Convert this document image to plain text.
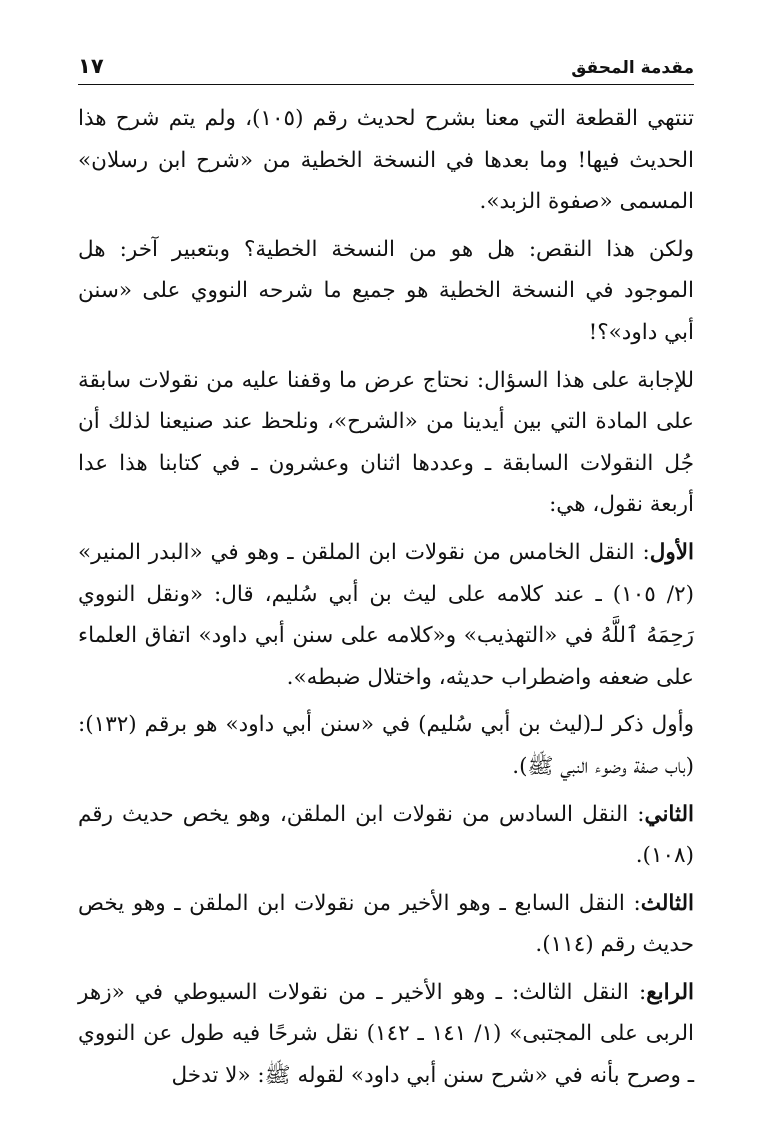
مقدمة المحقق
١٧

تنتهي القطعة التي معنا بشرح لحديث رقم (١٠٥)، ولم يتم شرح هذا الحديث فيها! وما بعدها في النسخة الخطية من «شرح ابن رسلان» المسمى «صفوة الزبد».

ولكن هذا النقص: هل هو من النسخة الخطية؟ وبتعبير آخر: هل الموجود في النسخة الخطية هو جميع ما شرحه النووي على «سنن أبي داود»؟!

للإجابة على هذا السؤال: نحتاج عرض ما وقفنا عليه من نقولات سابقة على المادة التي بين أيدينا من «الشرح»، ونلحظ عند صنيعنا لذلك أن جُل النقولات السابقة ـ وعددها اثنان وعشرون ـ في كتابنا هذا عدا أربعة نقول، هي:

الأول: النقل الخامس من نقولات ابن الملقن ـ وهو في «البدر المنير» (٢/ ١٠٥) ـ عند كلامه على ليث بن أبي سُليم، قال: «ونقل النووي رَحِمَهُ ٱللَّهُ في «التهذيب» و«كلامه على سنن أبي داود» اتفاق العلماء على ضعفه واضطراب حديثه، واختلال ضبطه».

وأول ذكر لـ(ليث بن أبي سُليم) في «سنن أبي داود» هو برقم (١٣٢): (باب صفة وضوء النبي ﷺ).

الثاني: النقل السادس من نقولات ابن الملقن، وهو يخص حديث رقم (١٠٨).

الثالث: النقل السابع ـ وهو الأخير من نقولات ابن الملقن ـ وهو يخص حديث رقم (١١٤).

الرابع: النقل الثالث: ـ وهو الأخير ـ من نقولات السيوطي في «زهر الربى على المجتبى» (١/ ١٤١ ـ ١٤٢) نقل شرحًا فيه طول عن النووي ـ وصرح بأنه في «شرح سنن أبي داود» لقوله ﷺ: «لا تدخل
